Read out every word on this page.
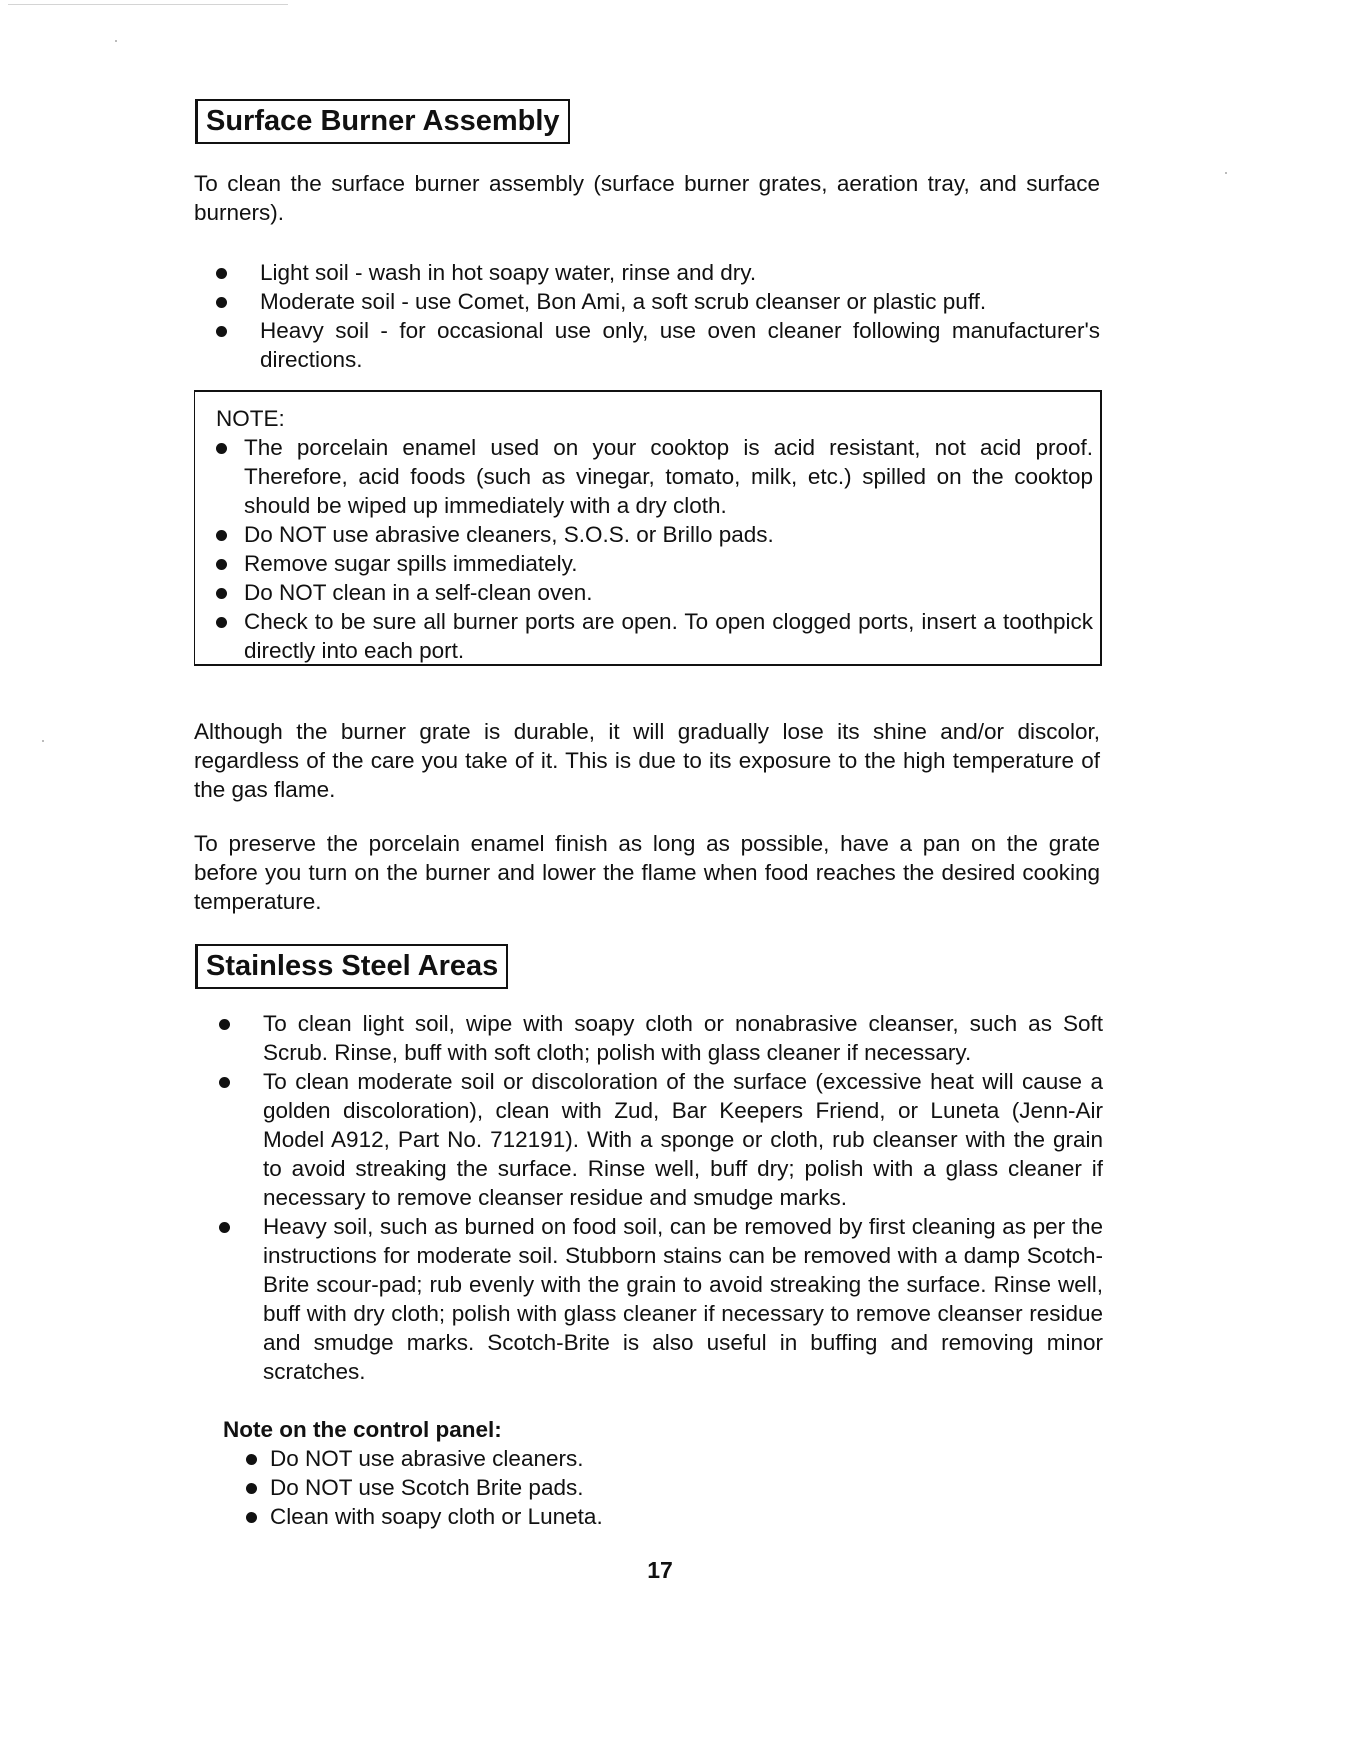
Surface Burner Assembly
To clean the surface burner assembly (surface burner grates, aeration tray, and surface burners).
Light soil - wash in hot soapy water, rinse and dry.
Moderate soil - use Comet, Bon Ami, a soft scrub cleanser or plastic puff.
Heavy soil - for occasional use only, use oven cleaner following manufacturer's directions.
NOTE:
The porcelain enamel used on your cooktop is acid resistant, not acid proof. Therefore, acid foods (such as vinegar, tomato, milk, etc.) spilled on the cooktop should be wiped up immediately with a dry cloth.
Do NOT use abrasive cleaners, S.O.S. or Brillo pads.
Remove sugar spills immediately.
Do NOT clean in a self-clean oven.
Check to be sure all burner ports are open. To open clogged ports, insert a toothpick directly into each port.
Although the burner grate is durable, it will gradually lose its shine and/or discolor, regardless of the care you take of it. This is due to its exposure to the high temperature of the gas flame.
To preserve the porcelain enamel finish as long as possible, have a pan on the grate before you turn on the burner and lower the flame when food reaches the desired cooking temperature.
Stainless Steel Areas
To clean light soil, wipe with soapy cloth or nonabrasive cleanser, such as Soft Scrub. Rinse, buff with soft cloth; polish with glass cleaner if necessary.
To clean moderate soil or discoloration of the surface (excessive heat will cause a golden discoloration), clean with Zud, Bar Keepers Friend, or Luneta (Jenn-Air Model A912, Part No. 712191). With a sponge or cloth, rub cleanser with the grain to avoid streaking the surface. Rinse well, buff dry; polish with a glass cleaner if necessary to remove cleanser residue and smudge marks.
Heavy soil, such as burned on food soil, can be removed by first cleaning as per the instructions for moderate soil. Stubborn stains can be removed with a damp Scotch-Brite scour-pad; rub evenly with the grain to avoid streaking the surface. Rinse well, buff with dry cloth; polish with glass cleaner if necessary to remove cleanser residue and smudge marks. Scotch-Brite is also useful in buffing and removing minor scratches.
Note on the control panel:
Do NOT use abrasive cleaners.
Do NOT use Scotch Brite pads.
Clean with soapy cloth or Luneta.
17
